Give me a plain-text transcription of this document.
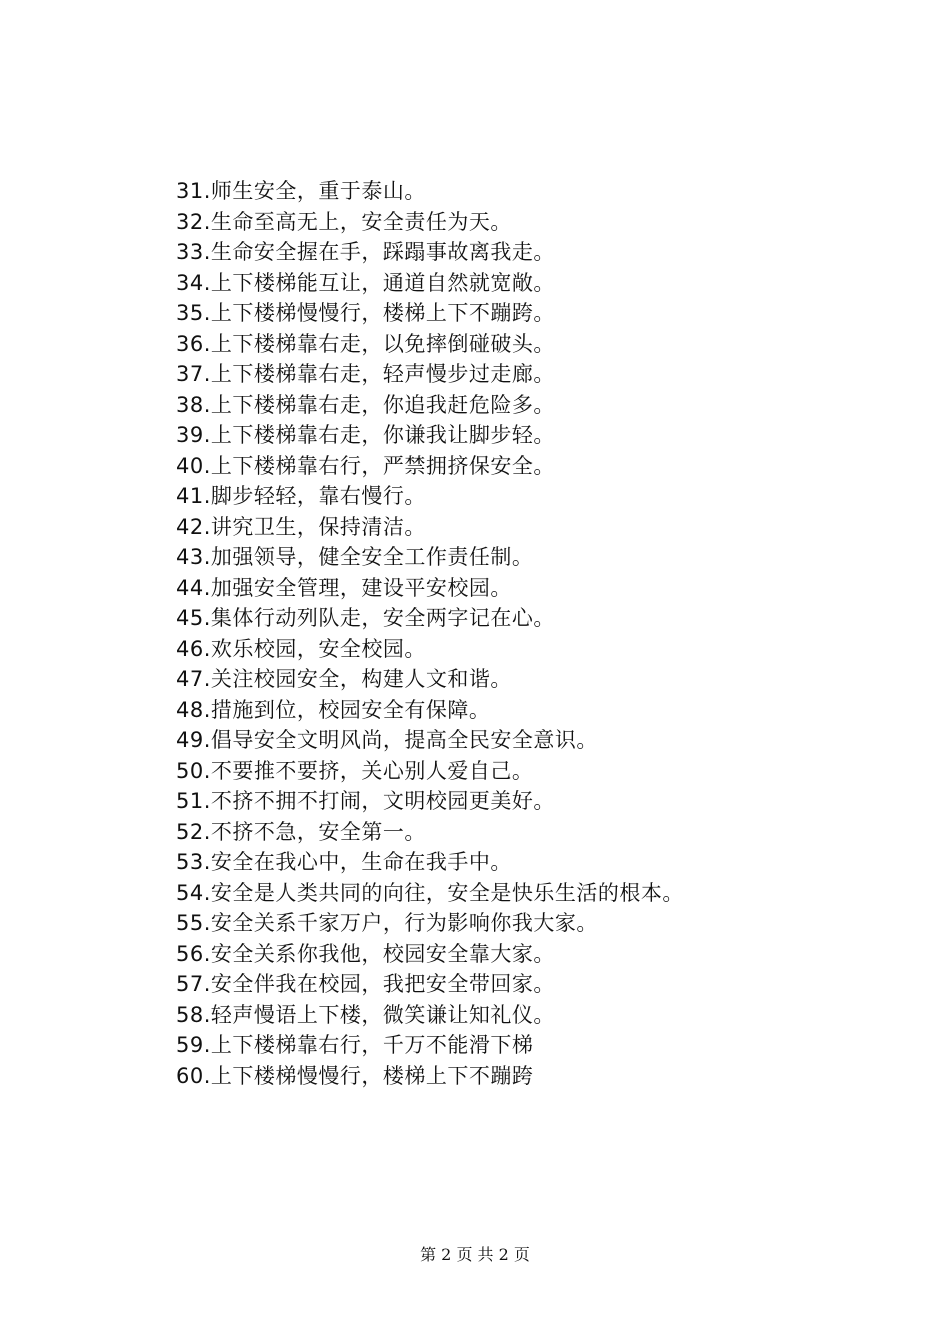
31.师生安全，重于泰山。
32.生命至高无上，安全责任为天。
33.生命安全握在手，踩蹋事故离我走。
34.上下楼梯能互让，通道自然就宽敞。
35.上下楼梯慢慢行，楼梯上下不蹦跨。
36.上下楼梯靠右走，以免摔倒碰破头。
37.上下楼梯靠右走，轻声慢步过走廊。
38.上下楼梯靠右走，你追我赶危险多。
39.上下楼梯靠右走，你谦我让脚步轻。
40.上下楼梯靠右行，严禁拥挤保安全。
41.脚步轻轻，靠右慢行。
42.讲究卫生，保持清洁。
43.加强领导，健全安全工作责任制。
44.加强安全管理，建设平安校园。
45.集体行动列队走，安全两字记在心。
46.欢乐校园，安全校园。
47.关注校园安全，构建人文和谐。
48.措施到位，校园安全有保障。
49.倡导安全文明风尚，提高全民安全意识。
50.不要推不要挤，关心别人爱自己。
51.不挤不拥不打闹，文明校园更美好。
52.不挤不急，安全第一。
53.安全在我心中，生命在我手中。
54.安全是人类共同的向往，安全是快乐生活的根本。
55.安全关系千家万户，行为影响你我大家。
56.安全关系你我他，校园安全靠大家。
57.安全伴我在校园，我把安全带回家。
58.轻声慢语上下楼，微笑谦让知礼仪。
59.上下楼梯靠右行，千万不能滑下梯
60.上下楼梯慢慢行，楼梯上下不蹦跨
第 2 页 共 2 页
